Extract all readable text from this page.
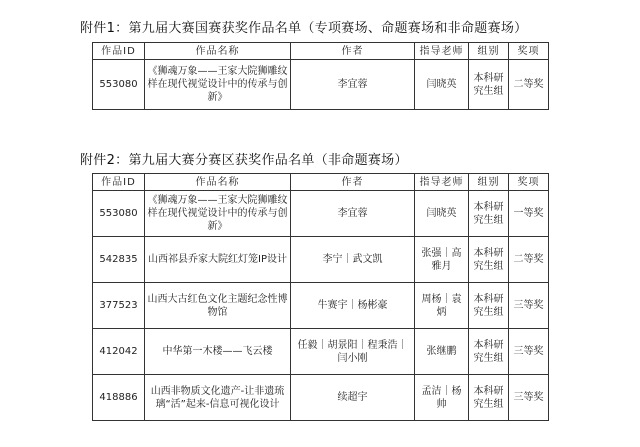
附件1：第九届大赛国赛获奖作品名单（专项赛场、命题赛场和非命题赛场）
作品ID	作品名称	作者	指导老师	组别	奖项
553080	《狮魂万象——王家大院狮雕纹样在现代视觉设计中的传承与创新》	李宜蓉	闫晓英	本科研究生组	二等奖
附件2：第九届大赛分赛区获奖作品名单（非命题赛场）
作品ID	作品名称	作者	指导老师	组别	奖项
553080	《狮魂万象——王家大院狮雕纹样在现代视觉设计中的传承与创新》	李宜蓉	闫晓英	本科研究生组	一等奖
542835	山西祁县乔家大院红灯笼IP设计	李宁｜武文凯	张强｜高雅月	本科研究生组	二等奖
377523	山西大古红色文化主题纪念性博物馆	牛赛宇｜杨彬豪	周杨｜袁炳	本科研究生组	三等奖
412042	中华第一木楼——飞云楼	任毅｜胡景阳｜程秉浩｜闫小刚	张继鹏	本科研究生组	三等奖
418886	山西非物质文化遗产-让非遗琉璃“活”起来-信息可视化设计	续超宇	孟洁｜杨帅	本科研究生组	三等奖
